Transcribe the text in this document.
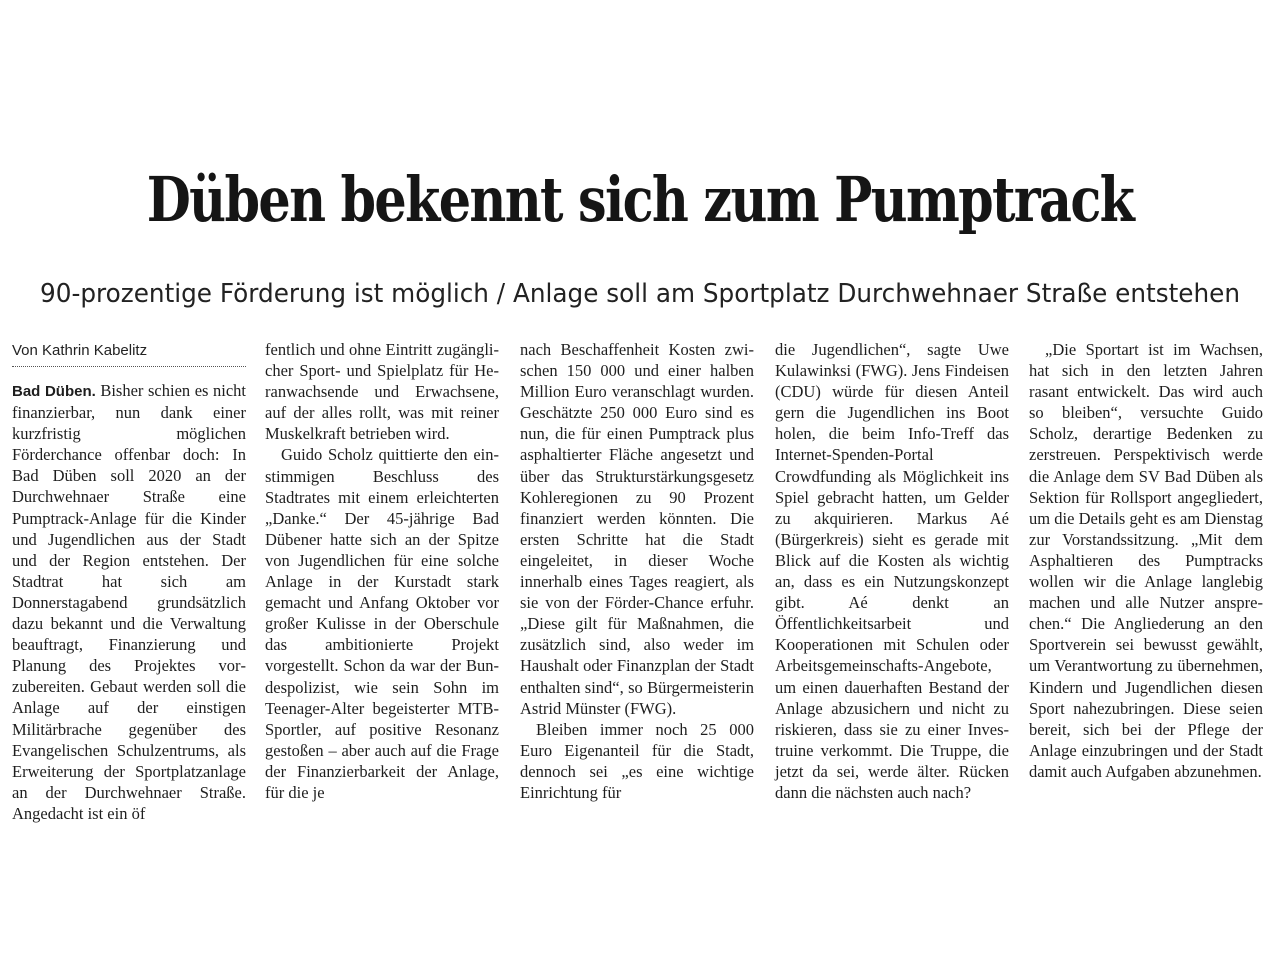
Düben bekennt sich zum Pumptrack
90-prozentige Förderung ist möglich / Anlage soll am Sportplatz Durchwehnaer Straße entstehen
Von Kathrin Kabelitz

Bad Düben. Bisher schien es nicht finanzierbar, nun dank einer kurzfristig möglichen Förderchance offenbar doch: In Bad Düben soll 2020 an der Durchwehnaer Straße eine Pumptrack-Anlage für die Kinder und Jugendlichen aus der Stadt und der Region entstehen. Der Stadtrat hat sich am Donnerstagabend grundsätzlich dazu bekannt und die Verwaltung beauftragt, Finanzierung und Planung des Projektes vorzubereiten. Gebaut werden soll die Anlage auf der einstigen Militärbrache gegenüber des Evangelischen Schulzentrums, als Erweiterung der Sportplatzanlage an der Durchwehnaer Straße. Angedacht ist ein öf

fentlich und ohne Eintritt zugänglicher Sport- und Spielplatz für Heranwachsende und Erwachsene, auf der alles rollt, was mit reiner Muskelkraft betrieben wird.

Guido Scholz quittierte den einstimmigen Beschluss des Stadtrates mit einem erleichterten „Danke.“ Der 45-jährige Bad Dübener hatte sich an der Spitze von Jugendlichen für eine solche Anlage in der Kurstadt stark gemacht und Anfang Oktober vor großer Kulisse in der Oberschule das ambitionierte Projekt vorgestellt. Schon da war der Bundespolizist, wie sein Sohn im Teenager-Alter begeisterter MTB-Sportler, auf positive Resonanz gestoßen – aber auch auf die Frage der Finanzierbarkeit der Anlage, für die je

nach Beschaffenheit Kosten zwischen 150 000 und einer halben Million Euro veranschlagt wurden. Geschätzte 250 000 Euro sind es nun, die für einen Pumptrack plus asphaltierter Fläche angesetzt und über das Strukturstärkungsgesetz Kohleregionen zu 90 Prozent finanziert werden könnten. Die ersten Schritte hat die Stadt eingeleitet, in dieser Woche innerhalb eines Tages reagiert, als sie von der Förder-Chance erfuhr. „Diese gilt für Maßnahmen, die zusätzlich sind, also weder im Haushalt oder Finanzplan der Stadt enthalten sind“, so Bürgermeisterin Astrid Münster (FWG).

Bleiben immer noch 25 000 Euro Eigenanteil für die Stadt, dennoch sei „es eine wichtige Einrichtung für

die Jugendlichen“, sagte Uwe Kulawinksi (FWG). Jens Findeisen (CDU) würde für diesen Anteil gern die Jugendlichen ins Boot holen, die beim Info-Treff das Internet-Spenden-Portal Crowdfunding als Möglichkeit ins Spiel gebracht hatten, um Gelder zu akquirieren. Markus Aé (Bürgerkreis) sieht es gerade mit Blick auf die Kosten als wichtig an, dass es ein Nutzungskonzept gibt. Aé denkt an Öffentlichkeitsarbeit und Kooperationen mit Schulen oder Arbeitsgemeinschafts-Angebote, um einen dauerhaften Bestand der Anlage abzusichern und nicht zu riskieren, dass sie zu einer Investruine verkommt. Die Truppe, die jetzt da sei, werde älter. Rücken dann die nächsten auch nach?

„Die Sportart ist im Wachsen, hat sich in den letzten Jahren rasant entwickelt. Das wird auch so bleiben“, versuchte Guido Scholz, derartige Bedenken zu zerstreuen. Perspektivisch werde die Anlage dem SV Bad Düben als Sektion für Rollsport angegliedert, um die Details geht es am Dienstag zur Vorstandssitzung. „Mit dem Asphaltieren des Pumptracks wollen wir die Anlage langlebig machen und alle Nutzer ansprechen.“ Die Angliederung an den Sportverein sei bewusst gewählt, um Verantwortung zu übernehmen, Kindern und Jugendlichen diesen Sport nahezubringen. Diese seien bereit, sich bei der Pflege der Anlage einzubringen und der Stadt damit auch Aufgaben abzunehmen.
